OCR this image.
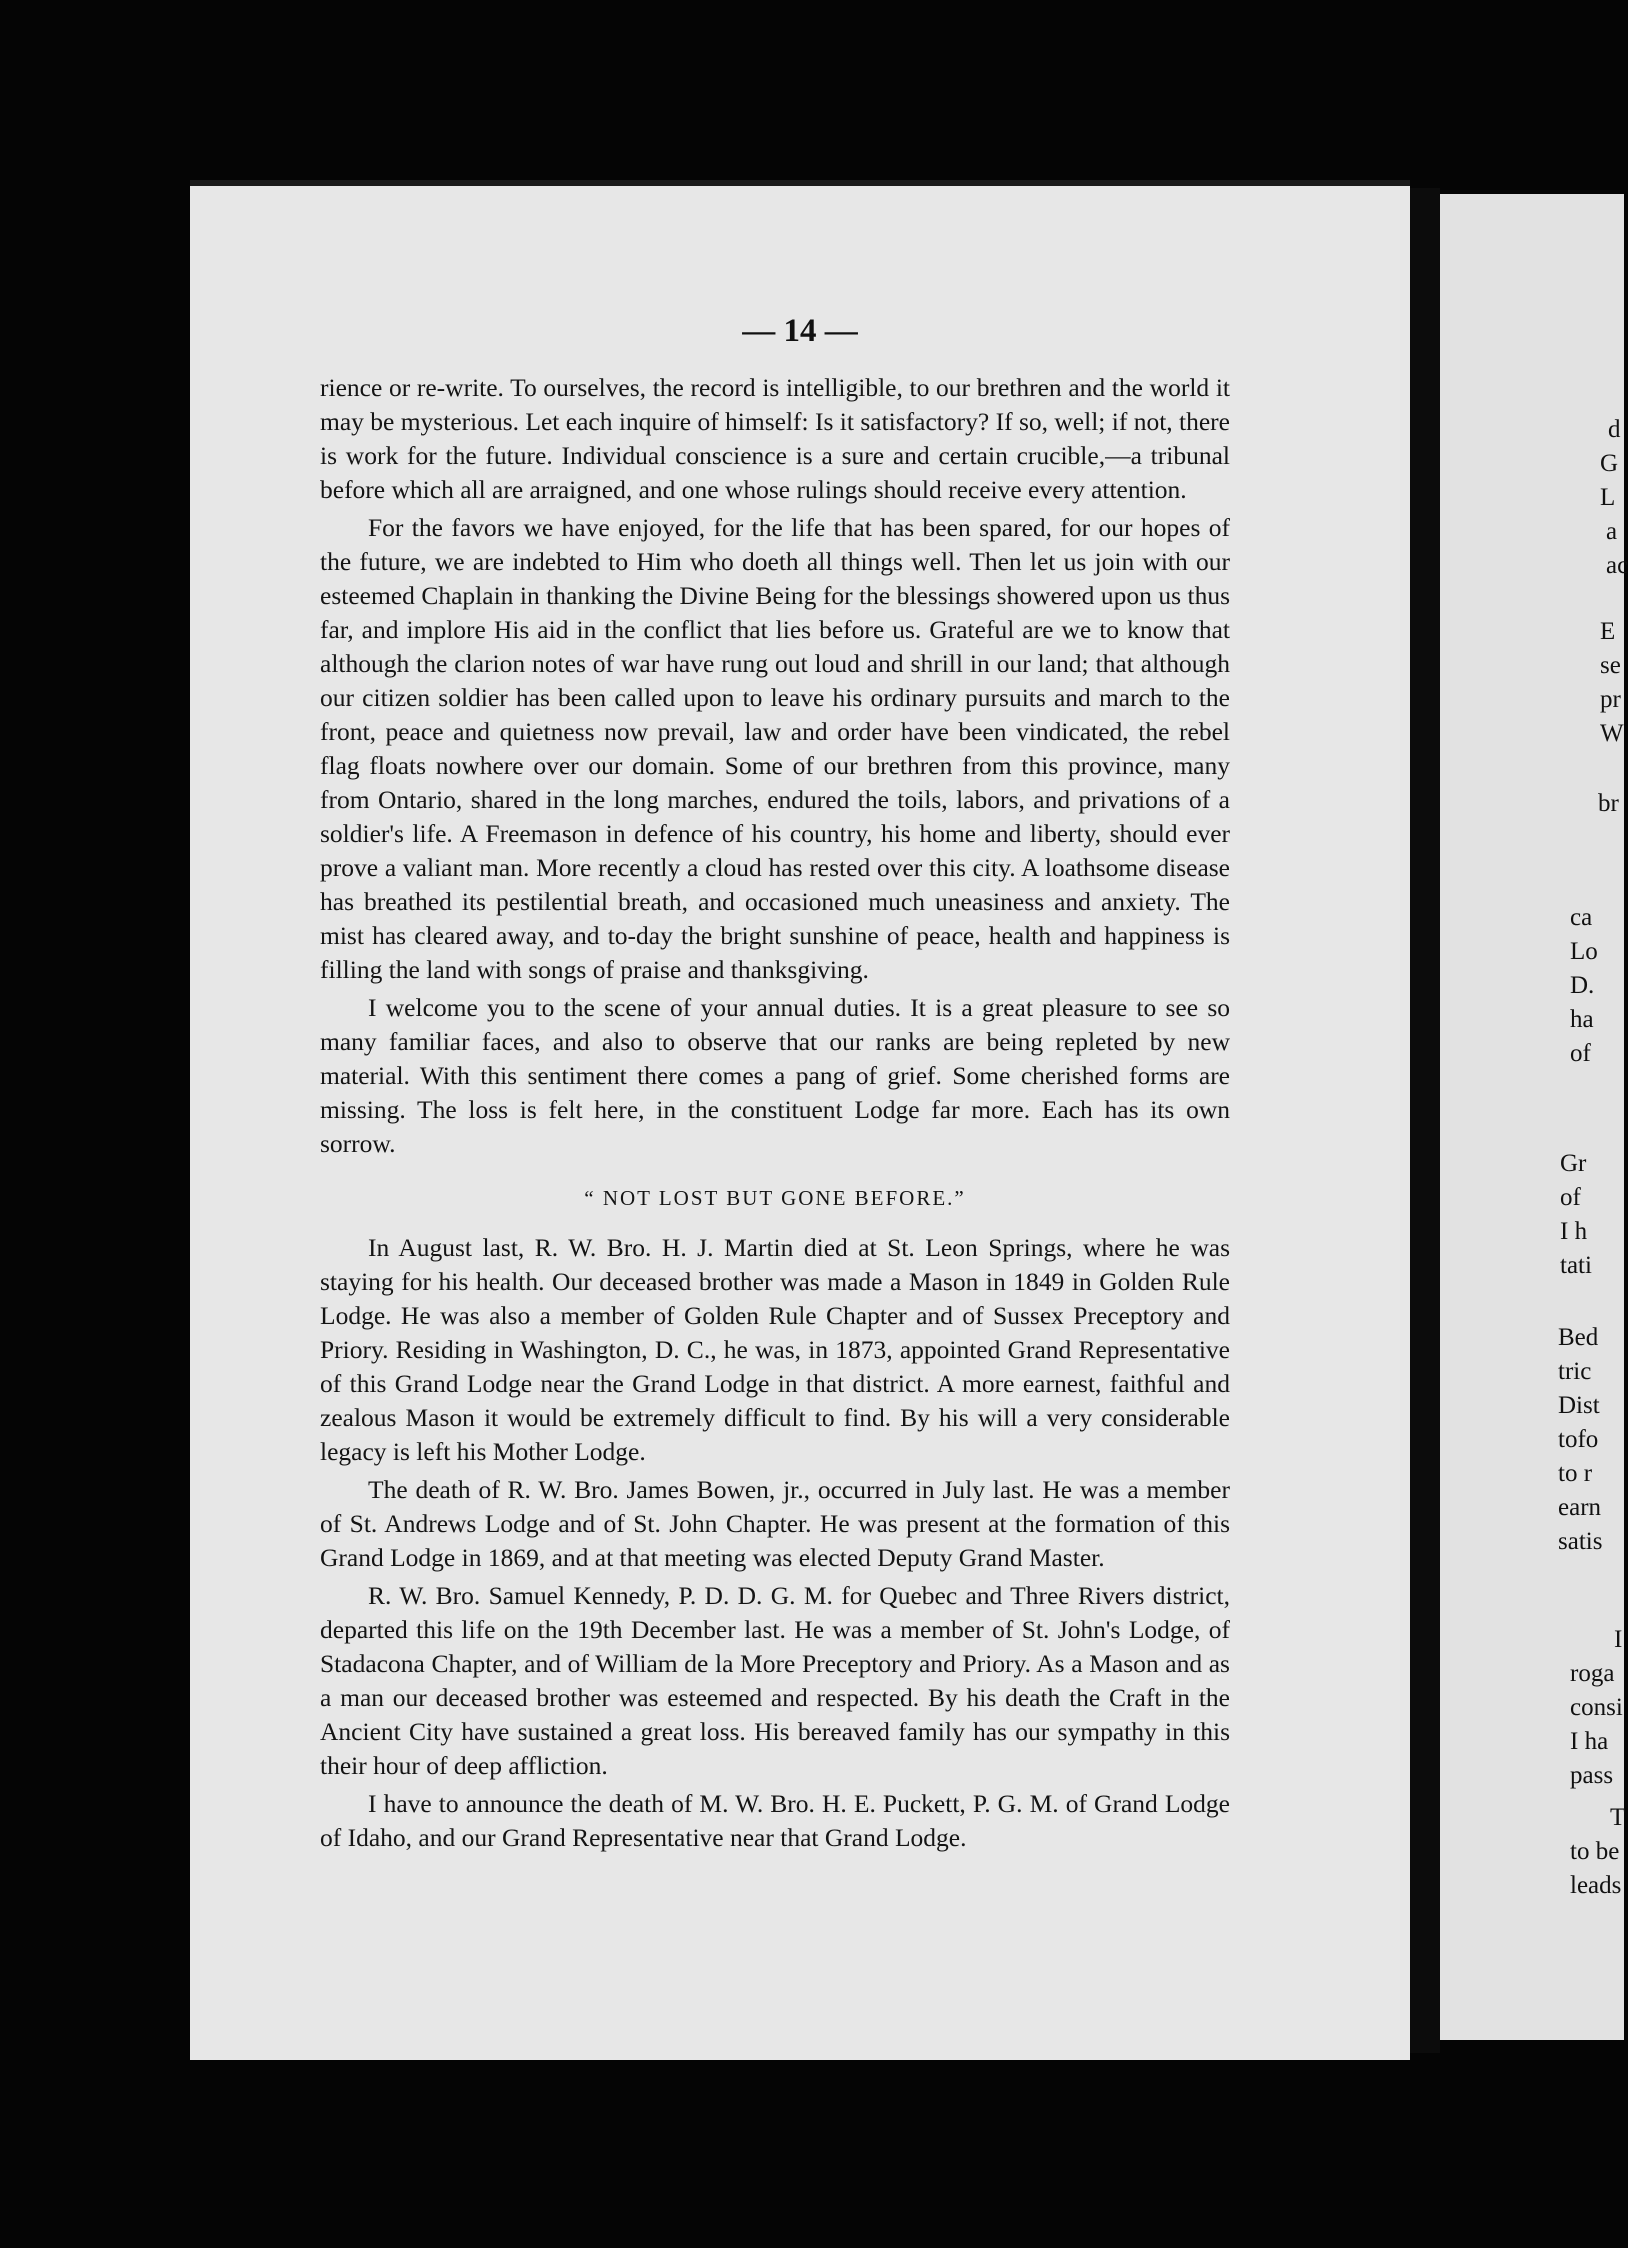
— 14 —

rience or re-write. To ourselves, the record is intelligible, to our brethren and the world it may be mysterious. Let each inquire of himself: Is it satisfactory? If so, well; if not, there is work for the future. Individual conscience is a sure and certain crucible,—a tribunal before which all are arraigned, and one whose rulings should receive every attention.

For the favors we have enjoyed, for the life that has been spared, for our hopes of the future, we are indebted to Him who doeth all things well. Then let us join with our esteemed Chaplain in thanking the Divine Being for the blessings showered upon us thus far, and implore His aid in the conflict that lies before us. Grateful are we to know that although the clarion notes of war have rung out loud and shrill in our land; that although our citizen soldier has been called upon to leave his ordinary pursuits and march to the front, peace and quietness now prevail, law and order have been vindicated, the rebel flag floats nowhere over our domain. Some of our brethren from this province, many from Ontario, shared in the long marches, endured the toils, labors, and privations of a soldier's life. A Freemason in defence of his country, his home and liberty, should ever prove a valiant man. More recently a cloud has rested over this city. A loathsome disease has breathed its pestilential breath, and occasioned much uneasiness and anxiety. The mist has cleared away, and to-day the bright sunshine of peace, health and happiness is filling the land with songs of praise and thanksgiving.

I welcome you to the scene of your annual duties. It is a great pleasure to see so many familiar faces, and also to observe that our ranks are being repleted by new material. With this sentiment there comes a pang of grief. Some cherished forms are missing. The loss is felt here, in the constituent Lodge far more. Each has its own sorrow.

“ NOT LOST BUT GONE BEFORE.”

In August last, R. W. Bro. H. J. Martin died at St. Leon Springs, where he was staying for his health. Our deceased brother was made a Mason in 1849 in Golden Rule Lodge. He was also a member of Golden Rule Chapter and of Sussex Preceptory and Priory. Residing in Washington, D. C., he was, in 1873, appointed Grand Representative of this Grand Lodge near the Grand Lodge in that district. A more earnest, faithful and zealous Mason it would be extremely difficult to find. By his will a very considerable legacy is left his Mother Lodge.

The death of R. W. Bro. James Bowen, jr., occurred in July last. He was a member of St. Andrews Lodge and of St. John Chapter. He was present at the formation of this Grand Lodge in 1869, and at that meeting was elected Deputy Grand Master.

R. W. Bro. Samuel Kennedy, P. D. D. G. M. for Quebec and Three Rivers district, departed this life on the 19th December last. He was a member of St. John's Lodge, of Stadacona Chapter, and of William de la More Preceptory and Priory. As a Mason and as a man our deceased brother was esteemed and respected. By his death the Craft in the Ancient City have sustained a great loss. His bereaved family has our sympathy in this their hour of deep affliction.

I have to announce the death of M. W. Bro. H. E. Puckett, P. G. M. of Grand Lodge of Idaho, and our Grand Representative near that Grand Lodge.

d
G
L
a
ac
E
se
pr
W
br
ca
Lo
D.
ha
of
Gr
of
I h
tati
Bed
tric
Dist
tofo
to r
earn
satis
I
roga
consi
I ha
pass
T
to be
leads
